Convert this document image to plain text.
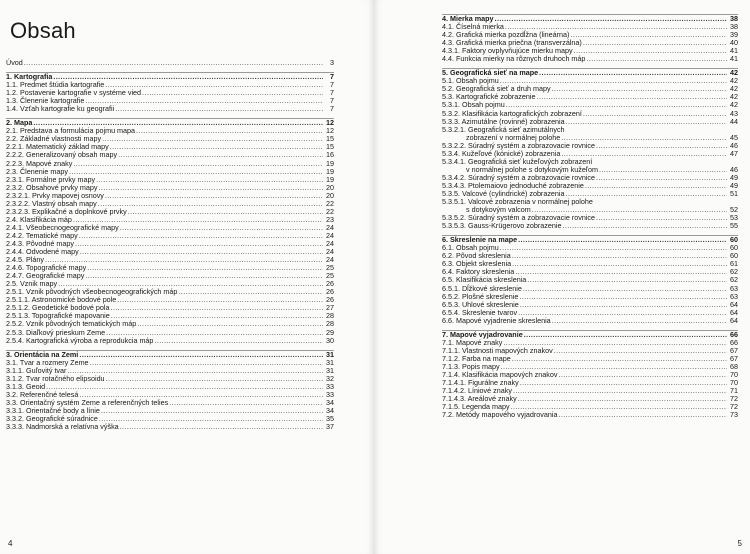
Obsah
Úvod .....	3
1. Kartografia .....	7
1.1. Predmet štúdia kartografie .....	7
1.2. Postavenie kartografie v systéme vied .....	7
1.3. Členenie kartografie .....	7
1.4. Vzťah kartografie ku geografii .....	7
2. Mapa .....	12
2.1. Predstava a formulácia pojmu mapa .....	12
2.2. Základné vlastnosti mapy .....	15
2.2.1. Matematický základ mapy .....	15
2.2.2. Generalizovaný obsah mapy .....	16
2.2.3. Mapové znaky .....	19
2.3. Členenie mapy .....	19
2.3.1. Formálne prvky mapy .....	19
2.3.2. Obsahové prvky mapy .....	20
2.3.2.1. Prvky mapovej osnovy .....	20
2.3.2.2. Vlastný obsah mapy .....	22
2.3.2.3. Explikačné a doplnkové prvky .....	22
2.4. Klasifikácia máp .....	23
2.4.1. Všeobecnogeografické mapy .....	24
2.4.2. Tematické mapy .....	24
2.4.3. Pôvodné mapy .....	24
2.4.4. Odvodené mapy .....	24
2.4.5. Plány .....	24
2.4.6. Topografické mapy .....	25
2.4.7. Geografické mapy .....	25
2.5. Vznik mapy .....	26
2.5.1. Vznik pôvodných všeobecnogeografických máp .....	26
2.5.1.1. Astronomické bodové pole .....	26
2.5.1.2. Geodetické bodové pola .....	27
2.5.1.3. Topografické mapovanie .....	28
2.5.2. Vznik pôvodných tematických máp .....	28
2.5.3. Diaľkový prieskum Zeme .....	29
2.5.4. Kartografická výroba a reprodukcia máp .....	30
3. Orientácia na Zemi .....	31
3.1. Tvar a rozmery Zeme .....	31
3.1.1. Guľovitý tvar .....	31
3.1.2. Tvar rotačného elipsoidu .....	32
3.1.3. Geoid .....	33
3.2. Referenčné telesá .....	33
3.3. Orientačný systém Zeme a referenčných telies .....	34
3.3.1. Orientačné body a línie .....	34
3.3.2. Geografické súradnice .....	35
3.3.3. Nadmorská a relatívna výška .....	37
4
4. Mierka mapy .....	38
4.1. Číselná mierka .....	38
4.2. Grafická mierka pozdĺžna (lineárna) .....	39
4.3. Grafická mierka priečna (transverzálna) .....	40
4.3.1. Faktory ovplyvňujúce mierku mapy .....	41
4.4. Funkcia mierky na rôznych druhoch máp .....	41
5. Geografická sieť na mape .....	42
5.1. Obsah pojmu .....	42
5.2. Geografická sieť a druh mapy .....	42
5.3. Kartografické zobrazenie .....	42
5.3.1. Obsah pojmu .....	42
5.3.2. Klasifikácia kartografických zobrazení .....	43
5.3.3. Azimutálne (rovinné) zobrazenia .....	44
5.3.2.1. Geografická sieť azimutálnych
zobrazení v normálnej polohe .....	45
5.3.2.2. Súradný systém a zobrazovacie rovnice .....	46
5.3.4. Kužeľové (kónické) zobrazenia .....	47
5.3.4.1. Geografická sieť kužeľových zobrazení
v normálnej polohe s dotykovým kužeľom .....	46
5.3.4.2. Súradný systém a zobrazovacie rovnice .....	49
5.3.4.3. Ptolemaiovo jednoduché zobrazenie .....	49
5.3.5. Valcové (cylindrické) zobrazenia .....	51
5.3.5.1. Valcové zobrazenia v normálnej polohe
s dotykovým valcom .....	52
5.3.5.2. Súradný systém a zobrazovacie rovnice .....	53
5.3.5.3. Gauss-Krügerovo zobrazenie .....	55
6. Skreslenie na mape .....	60
6.1. Obsah pojmu .....	60
6.2. Pôvod skreslenia .....	60
6.3. Objekt skreslenia .....	61
6.4. Faktory skreslenia .....	62
6.5. Klasifikácia skreslenia .....	62
6.5.1. Dĺžkové skreslenie .....	63
6.5.2. Plošné skreslenie .....	63
6.5.3. Uhlové skreslenie .....	64
6.5.4. Skreslenie tvarov .....	64
6.6. Mapové vyjadrenie skreslenia .....	64
7. Mapové vyjadrovanie .....	66
7.1. Mapové znaky .....	66
7.1.1. Vlastnosti mapových znakov .....	67
7.1.2. Farba na mape .....	67
7.1.3. Popis mapy .....	68
7.1.4. Klasifikácia mapových znakov .....	70
7.1.4.1. Figurálne znaky .....	70
7.1.4.2. Líniové znaky .....	71
7.1.4.3. Areálové znaky .....	72
7.1.5. Legenda mapy .....	72
7.2. Metódy mapového vyjadrovania .....	73
5
